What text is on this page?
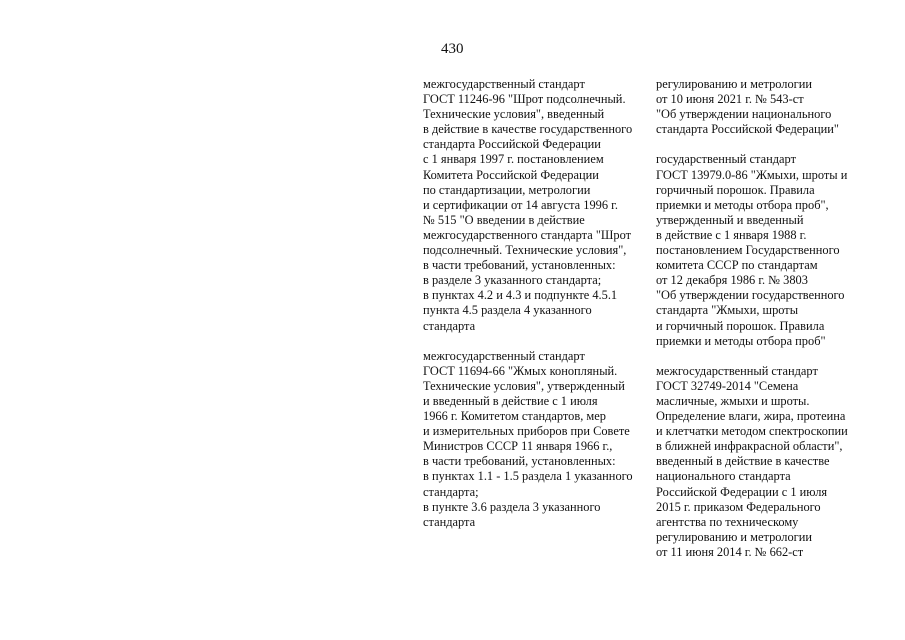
430

межгосударственный стандарт
ГОСТ 11246-96 "Шрот подсолнечный.
Технические условия", введенный
в действие в качестве государственного
стандарта Российской Федерации
с 1 января 1997 г. постановлением
Комитета Российской Федерации
по стандартизации, метрологии
и сертификации от 14 августа 1996 г.
№ 515 "О введении в действие
межгосударственного стандарта "Шрот
подсолнечный. Технические условия",
в части требований, установленных:
в разделе 3 указанного стандарта;
в пунктах 4.2 и 4.3 и подпункте 4.5.1
пункта 4.5 раздела 4 указанного
стандарта
межгосударственный стандарт
ГОСТ 11694-66 "Жмых конопляный.
Технические условия", утвержденный
и введенный в действие с 1 июля
1966 г. Комитетом стандартов, мер
и измерительных приборов при Совете
Министров СССР 11 января 1966 г.,
в части требований, установленных:
в пунктах 1.1 - 1.5 раздела 1 указанного
стандарта;
в пункте 3.6 раздела 3 указанного
стандарта
регулированию и метрологии
от 10 июня 2021 г. № 543-ст
"Об утверждении национального
стандарта Российской Федерации"
государственный стандарт
ГОСТ 13979.0-86 "Жмыхи, шроты и
горчичный порошок. Правила
приемки и методы отбора проб",
утвержденный и введенный
в действие с 1 января 1988 г.
постановлением Государственного
комитета СССР по стандартам
от 12 декабря 1986 г. № 3803
"Об утверждении государственного
стандарта "Жмыхи, шроты
и горчичный порошок. Правила
приемки и методы отбора проб"
межгосударственный стандарт
ГОСТ 32749-2014 "Семена
масличные, жмыхи и шроты.
Определение влаги, жира, протеина
и клетчатки методом спектроскопии
в ближней инфракрасной области",
введенный в действие в качестве
национального стандарта
Российской Федерации с 1 июля
2015 г. приказом Федерального
агентства по техническому
регулированию и метрологии
от 11 июня 2014 г. № 662-ст
